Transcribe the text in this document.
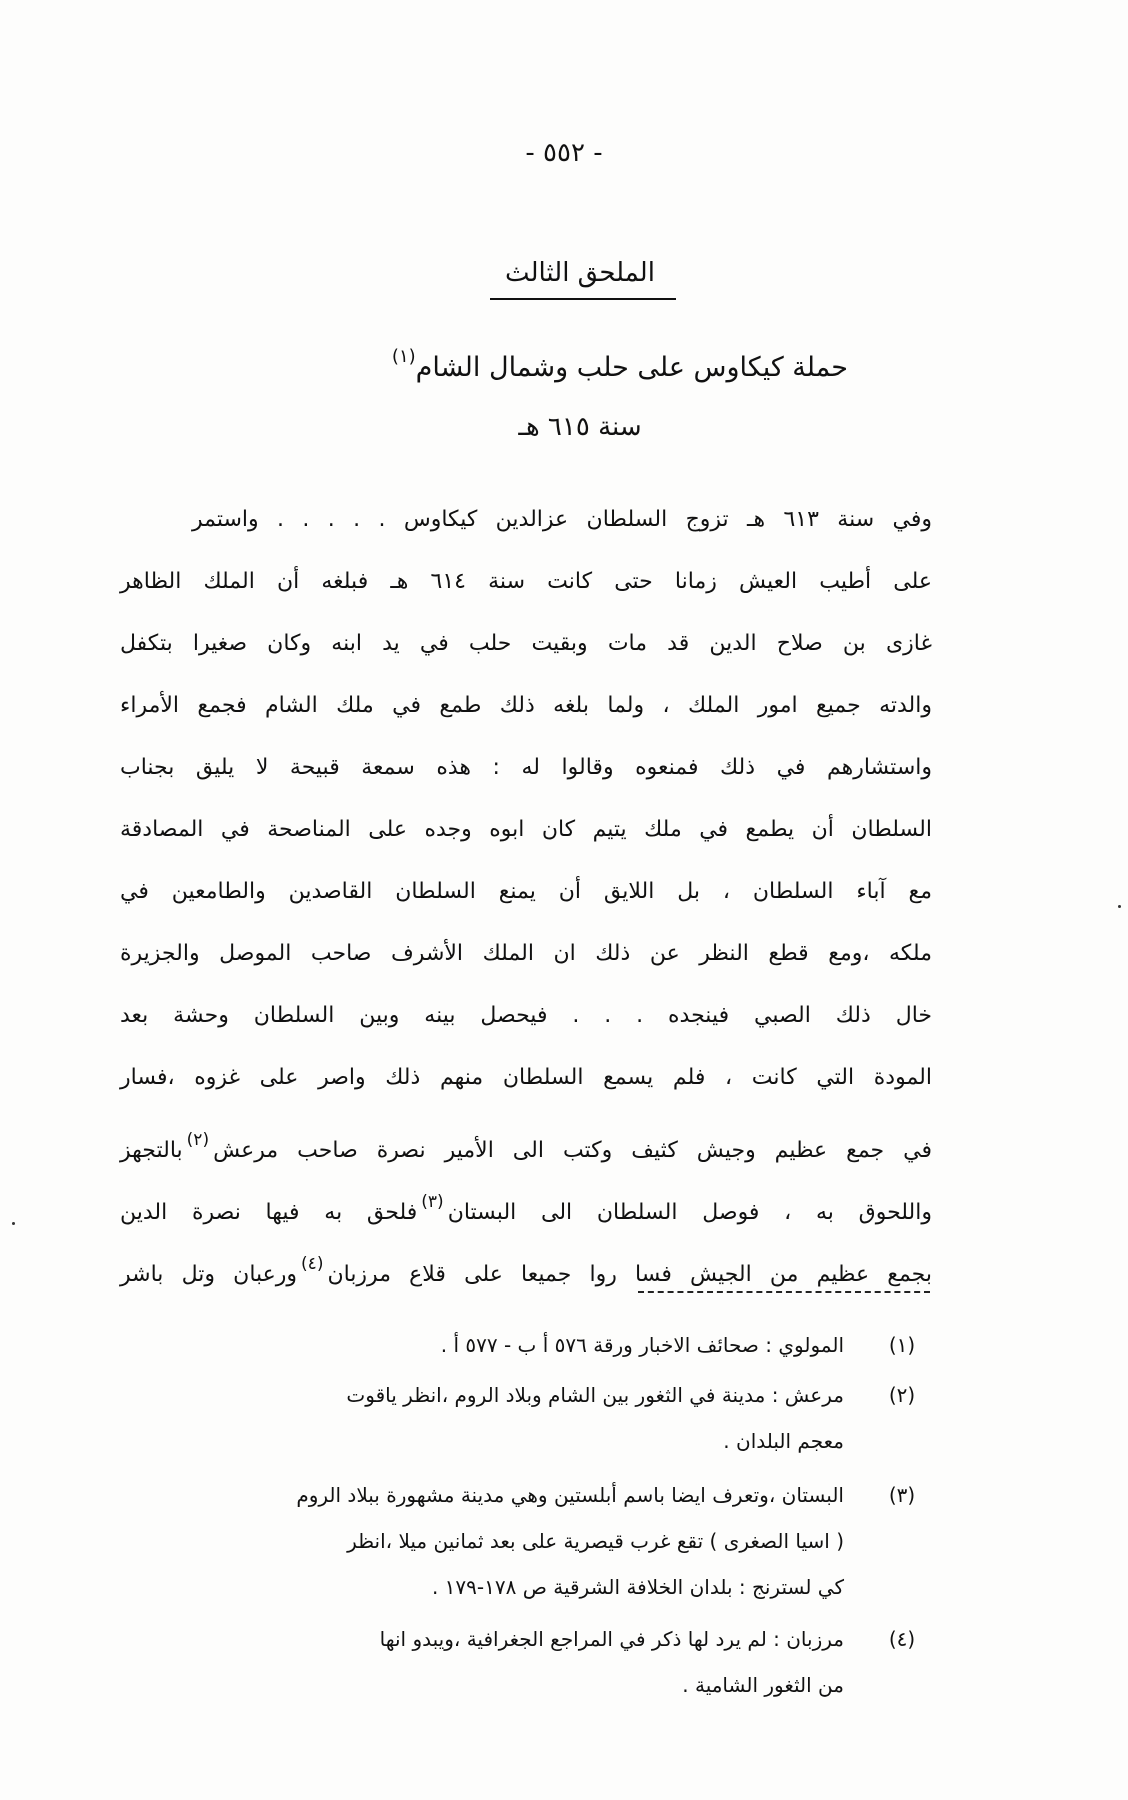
- ٥٥٢ -
الملحق الثالث
حملة كيكاوس على حلب وشمال الشام$^{(١)}$
سنة ٦١٥ هـ
وفي سنة ٦١٣ هـ تزوج السلطان عزالدين كيكاوس . . . . . واستمر
على أطيب العيش زمانا حتى كانت سنة ٦١٤ هـ فبلغه أن الملك الظاهر
غازى بن صلاح الدين قد مات وبقيت حلب في يد ابنه وكان صغيرا بتكفل
والدته جميع امور الملك ، ولما بلغه ذلك طمع في ملك الشام فجمع الأمراء
واستشارهم في ذلك فمنعوه وقالوا له : هذه سمعة قبيحة لا يليق بجناب
السلطان أن يطمع في ملك يتيم كان ابوه وجده على المناصحة في المصادقة
مع آباء السلطان ، بل اللايق أن يمنع السلطان القاصدين والطامعين في
ملكه ،ومع قطع النظر عن ذلك ان الملك الأشرف صاحب الموصل والجزيرة
خال ذلك الصبي فينجده . . . فيحصل بينه وبين السلطان وحشة بعد
المودة التي كانت ، فلم يسمع السلطان منهم ذلك واصر على غزوه ،فسار
في جمع عظيم وجيش كثيف وكتب الى الأمير نصرة صاحب مرعش$^{(٢)}$بالتجهز
واللحوق به ، فوصل السلطان الى البستان$^{(٣)}$فلحق به فيها نصرة الدين
بجمع عظيم من الجيش فسا روا جميعا على قلاع مرزبان$^{(٤)}$ورعبان وتل باشر
(١)
المولوي : صحائف الاخبار ورقة ٥٧٦ أ ب - ٥٧٧ أ .
(٢)
مرعش : مدينة في الثغور بين الشام وبلاد الروم ،انظر ياقوت
معجم البلدان .
(٣)
البستان ،وتعرف ايضا باسم أبلستين وهي مدينة مشهورة ببلاد الروم
( اسيا الصغرى ) تقع غرب قيصرية على بعد ثمانين ميلا ،انظر
كي لسترنج : بلدان الخلافة الشرقية ص ١٧٨-١٧٩ .
(٤)
مرزبان : لم يرد لها ذكر في المراجع الجغرافية ،ويبدو انها
من الثغور الشامية .
